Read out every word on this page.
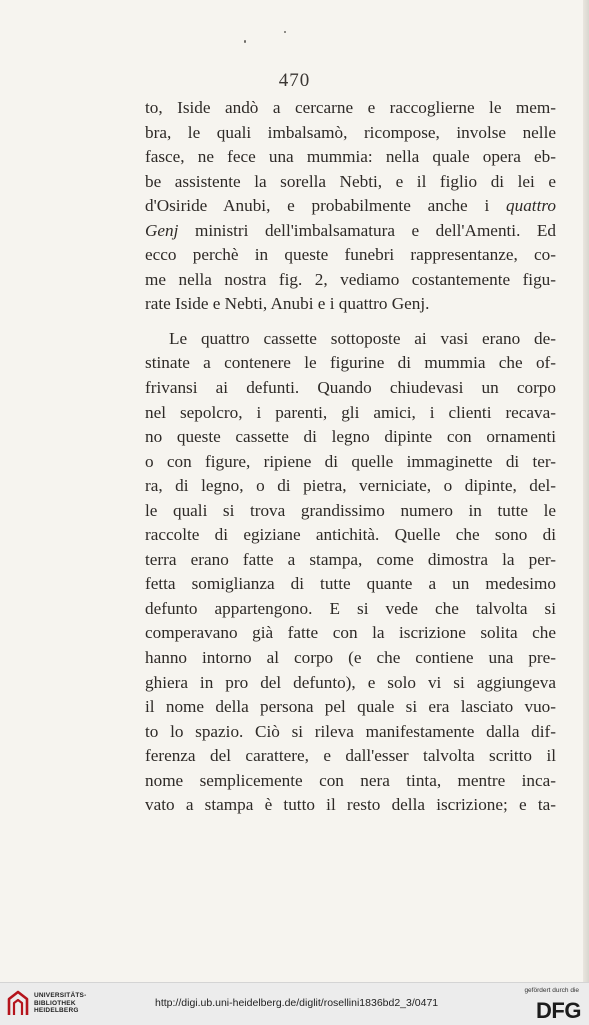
470
to, Iside andò a cercarne e raccoglierne le mem-
bra, le quali imbalsamò, ricompose, involse nelle
fasce, ne fece una mummia: nella quale opera eb-
be assistente la sorella Nebti, e il figlio di lei e
d'Osiride Anubi, e probabilmente anche i quattro
Genj ministri dell'imbalsamatura e dell'Amenti. Ed
ecco perchè in queste funebri rappresentanze, co-
me nella nostra fig. 2, vediamo costantemente figu-
rate Iside e Nebti, Anubi e i quattro Genj.
Le quattro cassette sottoposte ai vasi erano de-
stinate a contenere le figurine di mummia che of-
frivansi ai defunti. Quando chiudevasi un corpo
nel sepolcro, i parenti, gli amici, i clienti recava-
no queste cassette di legno dipinte con ornamenti
o con figure, ripiene di quelle immaginette di ter-
ra, di legno, o di pietra, verniciate, o dipinte, del-
le quali si trova grandissimo numero in tutte le
raccolte di egiziane antichità. Quelle che sono di
terra erano fatte a stampa, come dimostra la per-
fetta somiglianza di tutte quante a un medesimo
defunto appartengono. E si vede che talvolta si
comperavano già fatte con la iscrizione solita che
hanno intorno al corpo (e che contiene una pre-
ghiera in pro del defunto), e solo vi si aggiungeva
il nome della persona pel quale si era lasciato vuo-
to lo spazio. Ciò si rileva manifestamente dalla dif-
ferenza del carattere, e dall'esser talvolta scritto il
nome semplicemente con nera tinta, mentre inca-
vato a stampa è tutto il resto della iscrizione; e ta-
UNIVERSITÄTS-
BIBLIOTHEK
HEIDELBERG
http://digi.ub.uni-heidelberg.de/diglit/rosellini1836bd2_3/0471
gefördert durch die
DFG
